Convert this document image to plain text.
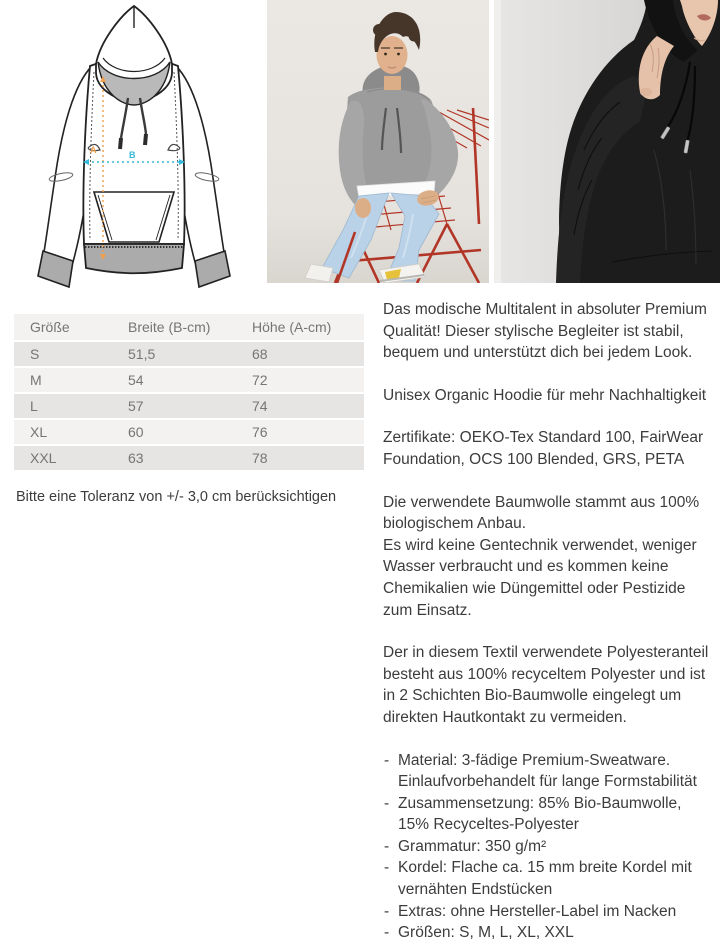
A	B
Größe	Breite (B-cm)	Höhe (A-cm)
S	51,5	68
M	54	72
L	57	74
XL	60	76
XXL	63	78

Bitte eine Toleranz von +/- 3,0 cm berücksichtigen

Das modische Multitalent in absoluter Premium Qualität! Dieser stylische Begleiter ist stabil, bequem und unterstützt dich bei jedem Look.

Unisex Organic Hoodie für mehr Nachhaltigkeit

Zertifikate: OEKO-Tex Standard 100, FairWear Foundation, OCS 100 Blended, GRS, PETA

Die verwendete Baumwolle stammt aus 100% biologischem Anbau.

Es wird keine Gentechnik verwendet, weniger Wasser verbraucht und es kommen keine Chemikalien wie Düngemittel oder Pestizide zum Einsatz.

Der in diesem Textil verwendete Polyesteranteil besteht aus 100% recyceltem Polyester und ist in 2 Schichten Bio-Baumwolle eingelegt um direkten Hautkontakt zu vermeiden.

- Material: 3-fädige Premium-Sweatware. Einlaufvorbehandelt für lange Formstabilität
- Zusammensetzung: 85% Bio-Baumwolle, 15% Recyceltes-Polyester
- Grammatur: 350 g/m²
- Kordel: Flache ca. 15 mm breite Kordel mit vernähten Endstücken
- Extras: ohne Hersteller-Label im Nacken
- Größen: S, M, L, XL, XXL
